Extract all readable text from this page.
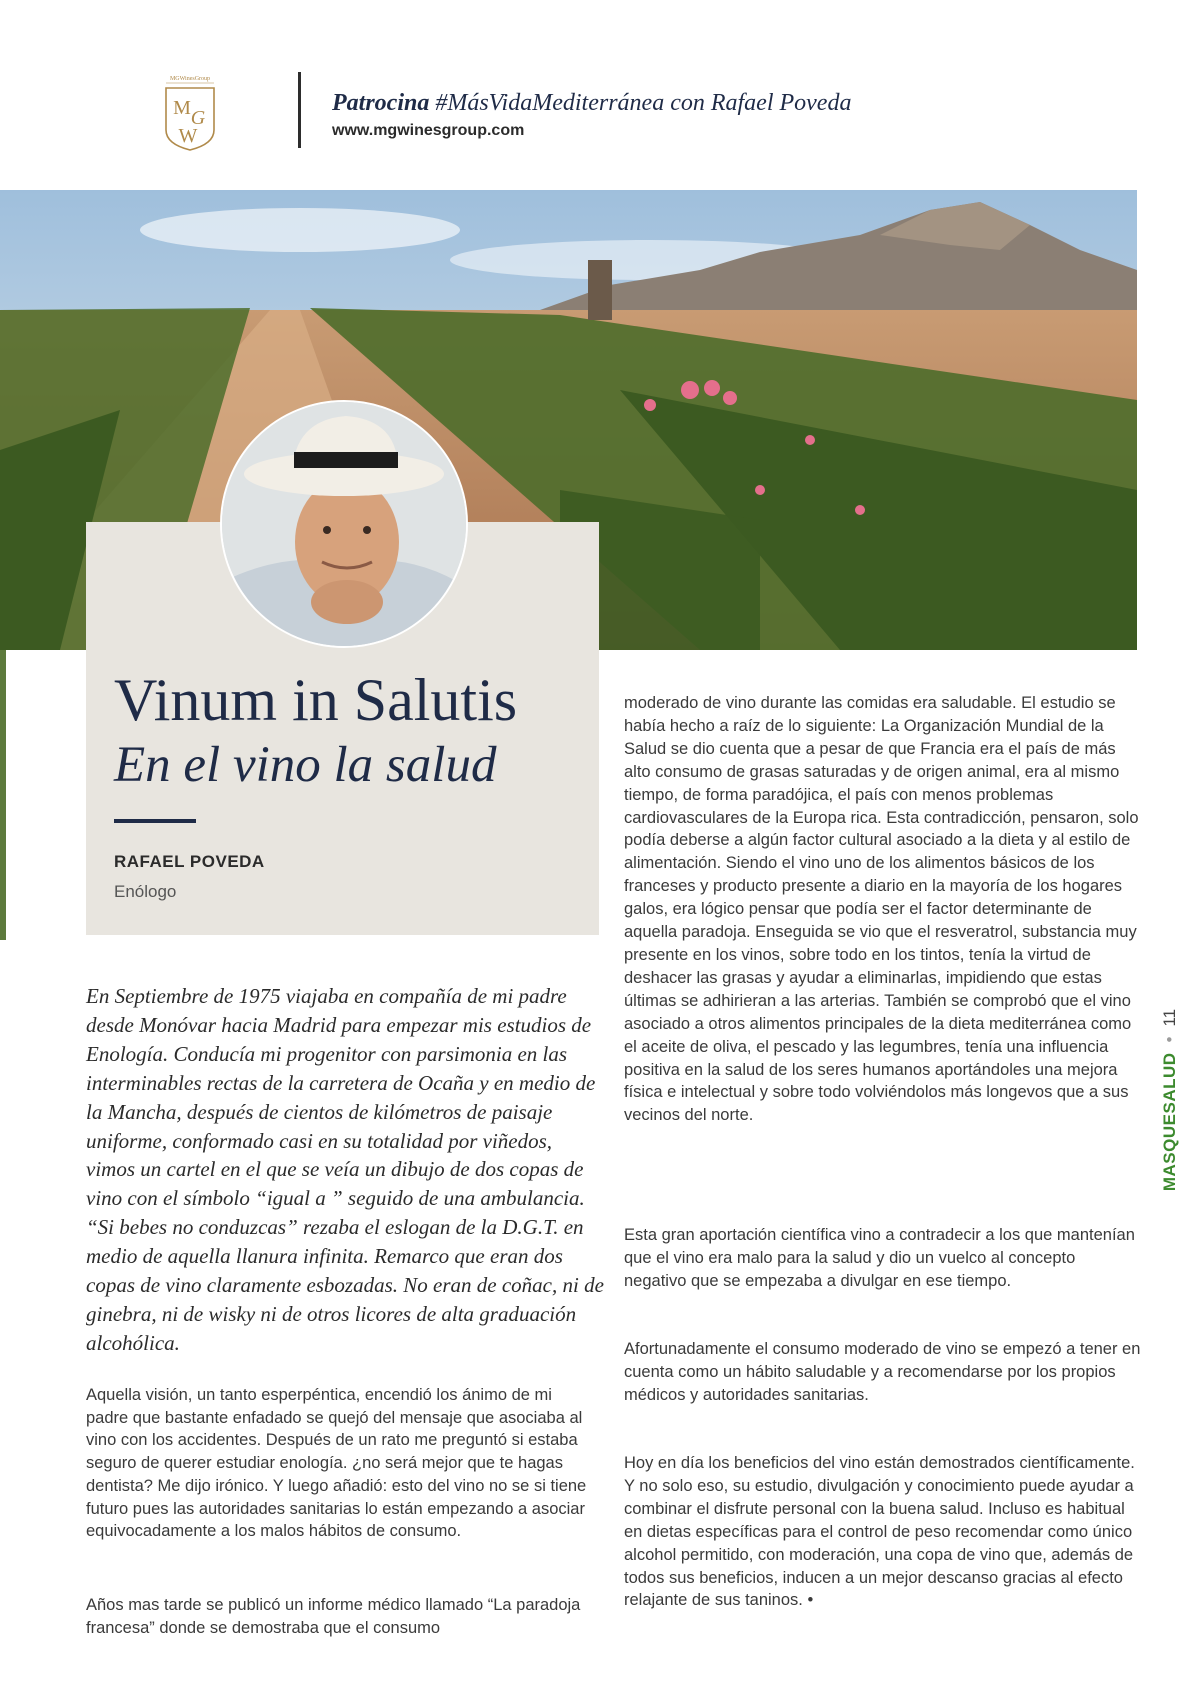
MGWinesGroup
M G
W
Patrocina #MásVidaMediterránea con Rafael Poveda
www.mgwinesgroup.com
Vinum in Salutis
En el vino la salud
RAFAEL POVEDA
Enólogo

En Septiembre de 1975 viajaba en compañía de mi padre desde Monóvar hacia Madrid para empezar mis estudios de Enología. Conducía mi progenitor con parsimonia en las interminables rectas de la carretera de Ocaña y en medio de la Mancha, después de cientos de kilómetros de paisaje uniforme, conformado casi en su totalidad por viñedos, vimos un cartel en el que se veía un dibujo de dos copas de vino con el símbolo “igual a ” seguido de una ambulancia. “Si bebes no conduzcas” rezaba el eslogan de la D.G.T. en medio de aquella llanura infinita. Remarco que eran dos copas de vino claramente esbozadas. No eran de coñac, ni de ginebra, ni de wisky ni de otros licores de alta graduación alcohólica.

Aquella visión, un tanto esperpéntica, encendió los ánimo de mi padre que bastante enfadado se quejó del mensaje que asociaba al vino con los accidentes. Después de un rato me preguntó si estaba seguro de querer estudiar enología. ¿no será mejor que te hagas dentista? Me dijo irónico. Y luego añadió: esto del vino no se si tiene futuro pues las autoridades sanitarias lo están empezando a asociar equivocadamente a los malos hábitos de consumo.

Años mas tarde se publicó un informe médico llamado “La paradoja francesa” donde se demostraba que el consumo

moderado de vino durante las comidas era saludable. El estudio se había hecho a raíz de lo siguiente: La Organización Mundial de la Salud se dio cuenta que a pesar de que Francia era el país de más alto consumo de grasas saturadas y de origen animal, era al mismo tiempo, de forma paradójica, el país con menos problemas cardiovasculares de la Europa rica. Esta contradicción, pensaron, solo podía deberse a algún factor cultural asociado a la dieta y al estilo de alimentación. Siendo el vino uno de los alimentos básicos de los franceses y producto presente a diario en la mayoría de los hogares galos, era lógico pensar que podía ser el factor determinante de aquella paradoja. Enseguida se vio que el resveratrol, substancia muy presente en los vinos, sobre todo en los tintos, tenía la virtud de deshacer las grasas y ayudar a eliminarlas, impidiendo que estas últimas se adhirieran a las arterias. También se comprobó que el vino asociado a otros alimentos principales de la dieta mediterránea como el aceite de oliva, el pescado y las legumbres, tenía una influencia positiva en la salud de los seres humanos aportándoles una mejora física e intelectual y sobre todo volviéndolos más longevos que a sus vecinos del norte.

Esta gran aportación científica vino a contradecir a los que mantenían que el vino era malo para la salud y dio un vuelco al concepto negativo que se empezaba a divulgar en ese tiempo.

Afortunadamente el consumo moderado de vino se empezó a tener en cuenta como un hábito saludable y a recomendarse por los propios médicos y autoridades sanitarias.

Hoy en día los beneficios del vino están demostrados científicamente. Y no solo eso, su estudio, divulgación y conocimiento puede ayudar a combinar el disfrute personal con la buena salud. Incluso es habitual en dietas específicas para el control de peso recomendar como único alcohol permitido, con moderación, una copa de vino que, además de todos sus beneficios, inducen a un mejor descanso gracias al efecto relajante de sus taninos. •

MASQUESALUD•11
